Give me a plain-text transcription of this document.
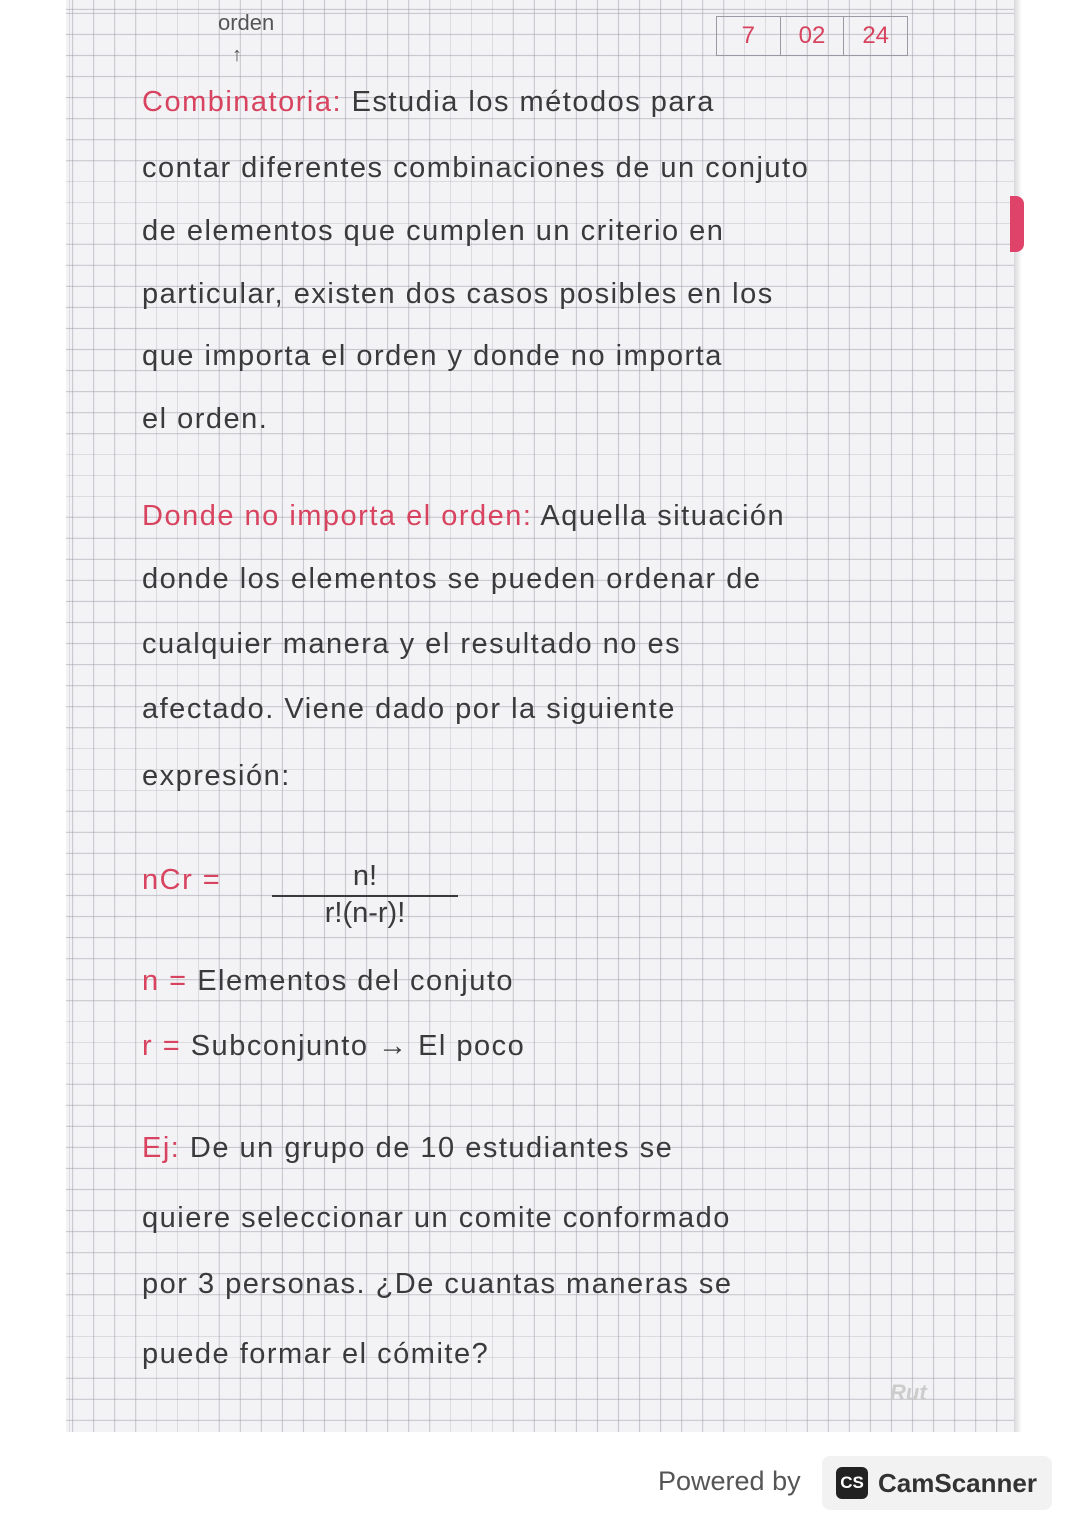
orden
↑
7	02	24
Combinatoria: Estudia los métodos para
contar diferentes combinaciones de un conjuto
de elementos que cumplen un criterio en
particular, existen dos casos posibles en los
que importa el orden y donde no importa
el orden.
Donde no importa el orden: Aquella situación
donde los elementos se pueden ordenar de
cualquier manera y el resultado no es
afectado. Viene dado por la siguiente
expresión:
nCr = $\frac{n!}{r!(n-r)!}$
n = Elementos del conjuto
r = Subconjunto → El poco
Ej: De un grupo de 10 estudiantes se
quiere seleccionar un comite conformado
por 3 personas. ¿De cuantas maneras se
puede formar el cómite?
Rut
Powered by CS CamScanner
